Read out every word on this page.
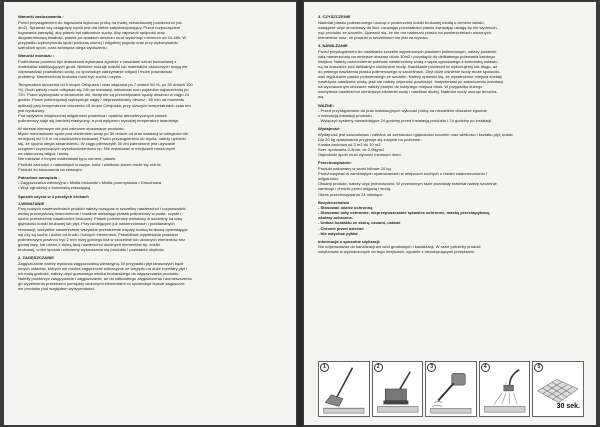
Warunki zastosowania :

Przed przystąpieniem do fugowania wykonać próbę na małej, niewidocznej powierzchni (ok.
4m2). Sprawdź czy osiągnięty wynik jest dla ciebie satysfakcjonujący. Przed rozpoczęciem
fugowania pamiętaj, aby piasek był całkowicie suchy. Aby zapewnić spójność oraz
długoterminową trwałość, piasek po opadach deszczu musi wyschnąć minimum od 24-48h. W
przypadku wykonywania spoin podczas zimnej i wilgotnej pogody oraz przy wykonywaniu
szerokich spoin, czas schnięcia ulega wydłużeniu.

Warunki montażu :

Podbudowa powinna być dranażowa wykonana zgodnie z zasadami sztuki budowlanej z
materiałów stabilizujących grunt. Niektóre rodzaje ścieżki lub materiałów osłonowych mogą nie
odprowadzać prawidłowo wody, co spowoduje zatrzymanie wilgoci i może powodować
problemy. Nawierzchnia brukowa musi być sucha i czysta.

Temperatura otoczenia od 5 stopni Celsjusza i czas wiązania po 7 dniach 50 %, po 30 dniach 100
%). Ruch pieszy może odbywać się 24h po instalacji, natomiast ruch pojazdów najwcześniej po
72h. Prace wykonywać w słonecznie dni, kiedy nie są przewidywane opady deszczu w ciągu 24
godzin. Prace polimeryzacji wytrzymuje nagły i nieprzewidziany deszcz : 60 min od momentu
aplikacji przy temperaturze otoczenia 15 stopni Celsjusza, przy niższych temperaturach czas ten
jest wydłużony.
Pod wpływem zwiększonej wilgotności powietrza i opadów atmosferycznych piasek
polimerowy staje się bardziej elastyczny, a pod wpływem wysokiej temperatury twardnieje.

W okresie zimowym nie jest zalecane stosowanie produktu.
Mycie mechaniczne spoin pod ciśnieniem wody po 30 dniach od dnia instalacji w odległości nie
mniejszej niż 0,5 m od nawierzchni brukowej. Przed przystąpieniem do mycia, należy upewnić
się, że spoina ułegła stwardnieniu. W ciągu pierwszych 30 dni zabronione jest używanie
urządzeń czyszczących wysokociśnieniowo np. Nie instalować w miejscach narażonych
na całoroczną wilgoć i wodę.
Nie mieszać z innymi materiałami typu cement, piasek.
Produkt zachodzi z naturalnych kruszyw, kolor i wielkość ziaren może się różnić.
Produkt do stosowania na zewnątrz.

Potrzebne narzędzia :

• Zagęszczarka wibracyjna • Miotła brukarski • Miotła przemysłowa • Dmuchawa
• Wąż ogrodowy z końcówką zraszającą

Sposób użycia w 4 prostych krokach
1.WMIATANIE

Przy nowych nawierzchniach produkt należy rozsypać w szczeliny nawierzchni i rozprowadzić
miotłą przemysłową równomiernie i uważnie wmiatając piasek polimerowy w puste, czyste i
suche przestrzenie nawierzchni brukowej. Piasek polimerowy wmiatany w szczeliny na całą
głębokość kostki brukowej lub płyt. Przy istniejących już nawierzchniach i poddawanych
renowacji, wszystkie nawierzchnie wszystkie przestrzenie między kostką brukową opierwiające
się czy są suche i wolne od brudu i luźnych elementów. Prawidłowe wypełnianie piaskiem
polimerowym powinno być 2 mm niżej górnego lica w szczelinie lub ukośnych elementów bez
górnej fazy, lub równo z dolną fazą nawierzchni ukośnych elementów np. kostki
brukowej, w ten sposób unikniemy wykruszania się produktu i powstania ubytków.

2. ZAGĘSZCZANIE

Zagęszczanie należy wykonać zagęszczarką wibracyjną. W przypadku płyt tarasowych bądź
innych układów, których nie można zagęszczać wibracyjnie ze względu na duże rozmiary płyt i
ich małą grubość, należy użyć gumowego młotka brukarskiego do zagęszczania produktu.
Należy powtórzyć zasypywanie i zagęszczanie, aż do całkowitego zagęszczenia i domieszczenia
go wypełnienia przestrzeni pomiędzy ułożonymi elementami co spowoduje lepsze zagęszcze-
nie produktu pod względem wytrzymałości.

3. CZYSZCZENIE

Nadmiar piasku polimerowego usunąć z powierzchni kostki brukowej miotłą o cienkim włosiu,
następnie użyć dmuchawy do liści, usuwając pozostałości piasku zwracając uwagę by nie wydmuch-
nąć produktu ze szczelin. Upewnić się, że nie ma nadmiaru piasku na powierzchniach ułożonych
elementów oraz, że produkt w szczelinach nie jest za wysoko.

4. NAWILŻANIE

Przed przystąpieniem do nawilżania szczelin wypełnionych piaskiem polimerowym, należy podzielić
całą nawierzchnię na mniejsze obszary około 30m2 i przystąpić do delikatnego polewania każdego
miejsca. Należy równomiernie polewać nawierzchnię wodą z węża ogrodowego z końcówką ustawio-
ną na zraszanie pod delikatnym ciśnieniem wody. Nawilżanie powierzchni wykonujemy tak długo, aż
do pełnego nawilżenia piasku polimerowego w szczelinach. Zbyt duże ciśnienie wody może spowodo-
wać wypłukanie piasku polimerowego ze szczelin. Należy upewnić się, że wystarczone miejsca zostały
nawilżycie nawilżone wodą, jeśli nie należy czynność powtórzyć. Natychmiast po zakończeniu instalacji
na wyznaczonym obszarze należy przejść do kolejnego miejsca obok. W przypadku dużego
nachylenia nawierzchni zmniejszyć ciśnienie wody i nawilżać dłużej. Nadmiar wody usunąć dmucha-
wą.

WAŻNE:

- Przed przystąpieniem do prac instalacyjnych wykonać próbę na niewielkim obszarze zgodnie
z instrukcją instalacji produktu .
- Wyłączyć systemy nawadniające 24 godziny przed instalacją produktu i 24 godziny po instalacji

Wydajność:

Wydajność jest szacunkowa i zależna od szerokości i głębokości szczelin oraz wielkości i kształtu płyt, kostki.
Dla 20 kg opakowania przyjmuje się zużycie na poziomie :
Kostka brukowa od 3 m2 do 10 m2
Szer. spoiwania 2-3mm, ok.2,0kg/m2
Głębokość spoin musi wynosić minimum 4mm.

Przechowywanie:

Produkt pakowany w worki foliowe 20 kg.
Przechowywać w zamkniętych opakowaniach w miejscach suchych o niskim nasłonecznianiu i
wilgotności.
Otwarty produkt, należy użyć jednorazowo. W przeciwnym razie pozostały materiał należy szczelnie
zamknąć i chronić przed wilgocią i wodą.
Okres przechowywania 24 miesiące.

Bezpieczeństwo

- Stosować odzież ochronną
- Stosować buty ochronne, nieprzepuszczalne rękawice ochronne, maskę przeciwpyłową,
okulary ochronne.
- Unikać kontaktu ze skórą, oczami, ustami
- Chronić przed dziećmi
- Nie wdychać pyłów

Informacja o sposobie utylizacji:

Nie odprowadzać do kanalizacji ani wód gruntowych i kanalizacji. W razie potrzeby produkt
zutylizować w wyznaczonych do tego miejscach, zgodnie z obowiązującymi przepisami.

1	2	3	4	5
30 sek.
